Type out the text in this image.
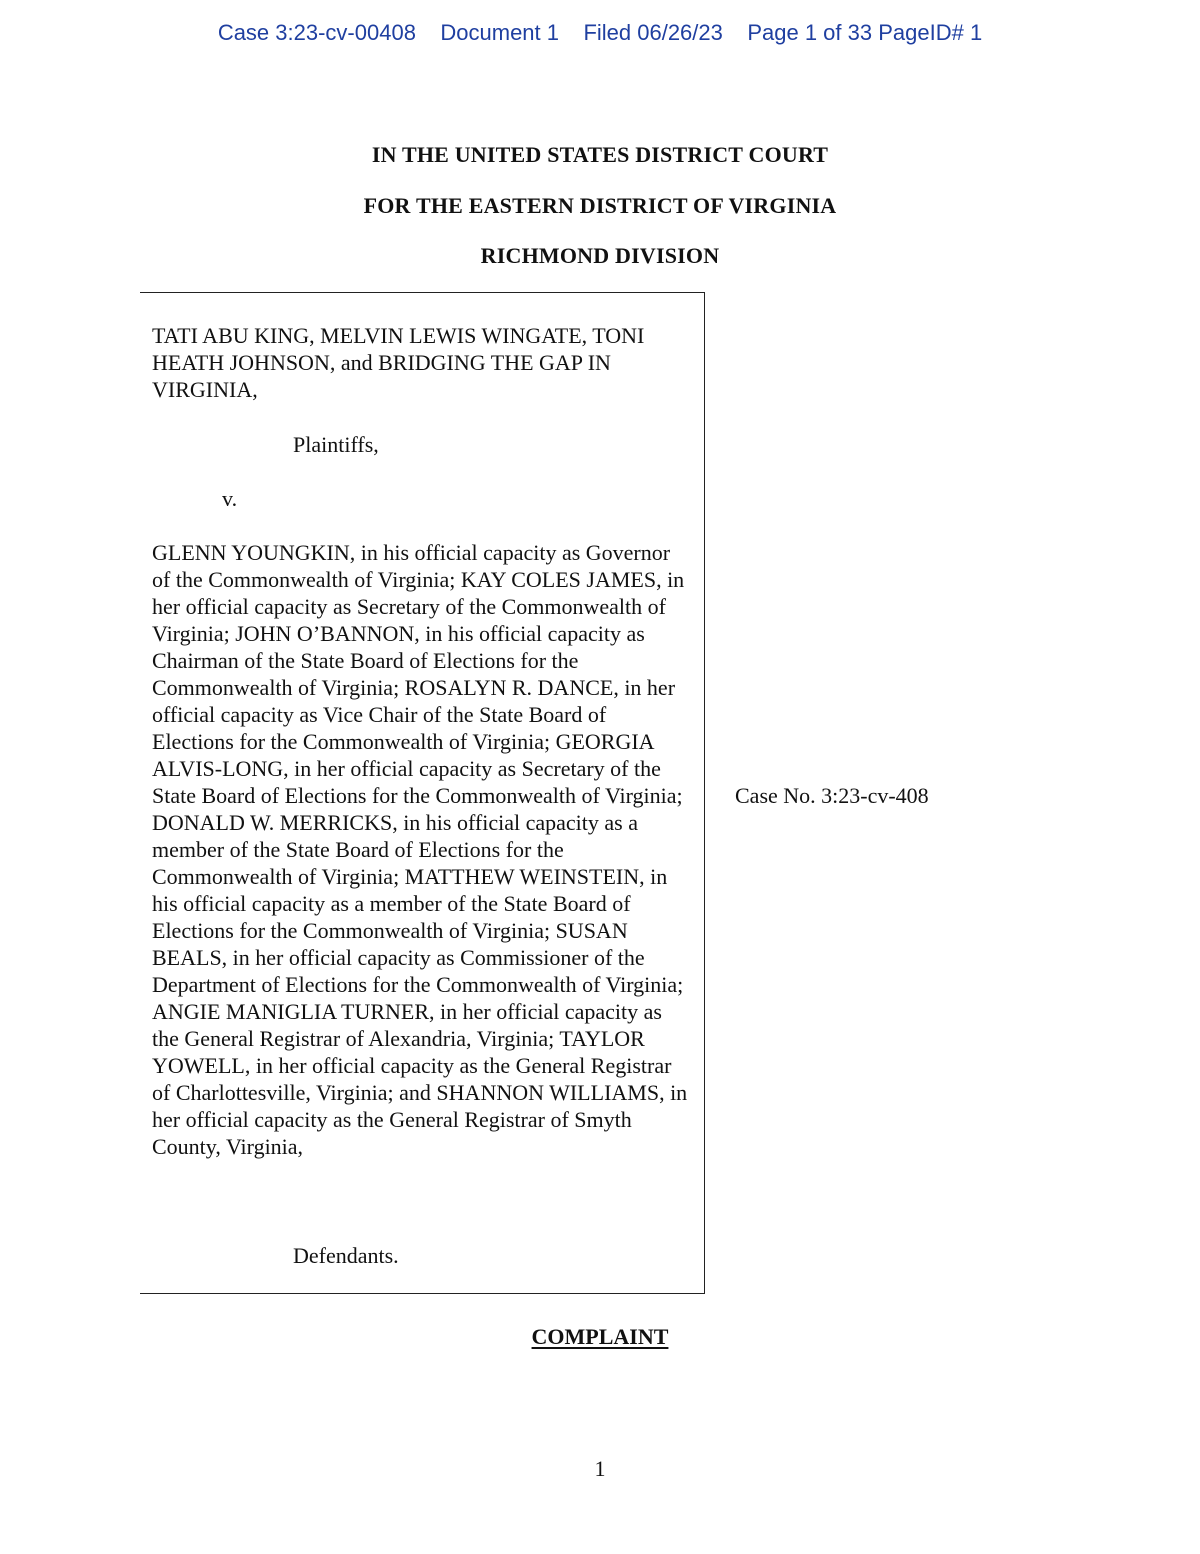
Case 3:23-cv-00408    Document 1    Filed 06/26/23    Page 1 of 33 PageID# 1
IN THE UNITED STATES DISTRICT COURT
FOR THE EASTERN DISTRICT OF VIRGINIA
RICHMOND DIVISION
TATI ABU KING, MELVIN LEWIS WINGATE, TONI HEATH JOHNSON, and BRIDGING THE GAP IN VIRGINIA,
Plaintiffs,
v.
GLENN YOUNGKIN, in his official capacity as Governor of the Commonwealth of Virginia; KAY COLES JAMES, in her official capacity as Secretary of the Commonwealth of Virginia; JOHN O’BANNON, in his official capacity as Chairman of the State Board of Elections for the Commonwealth of Virginia; ROSALYN R. DANCE, in her official capacity as Vice Chair of the State Board of Elections for the Commonwealth of Virginia; GEORGIA ALVIS-LONG, in her official capacity as Secretary of the State Board of Elections for the Commonwealth of Virginia; DONALD W. MERRICKS, in his official capacity as a member of the State Board of Elections for the Commonwealth of Virginia; MATTHEW WEINSTEIN, in his official capacity as a member of the State Board of Elections for the Commonwealth of Virginia; SUSAN BEALS, in her official capacity as Commissioner of the Department of Elections for the Commonwealth of Virginia; ANGIE MANIGLIA TURNER, in her official capacity as the General Registrar of Alexandria, Virginia; TAYLOR YOWELL, in her official capacity as the General Registrar of Charlottesville, Virginia; and SHANNON WILLIAMS, in her official capacity as the General Registrar of Smyth County, Virginia,
Defendants.
Case No. 3:23-cv-408
COMPLAINT
1
